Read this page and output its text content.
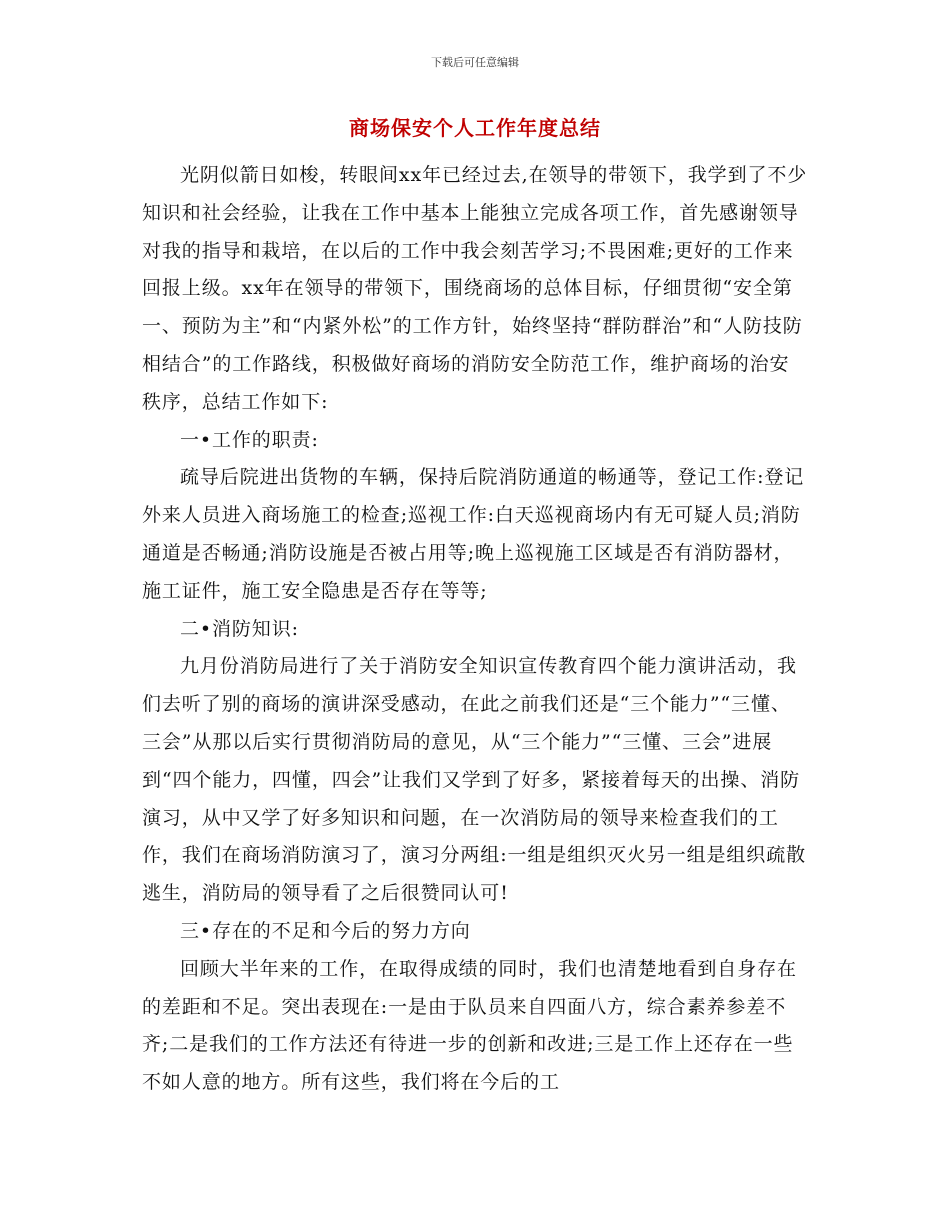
下载后可任意编辑
商场保安个人工作年度总结

光阴似箭日如梭，转眼间xx年已经过去,在领导的带领下，我学到了不少知识和社会经验，让我在工作中基本上能独立完成各项工作，首先感谢领导对我的指导和栽培，在以后的工作中我会刻苦学习;不畏困难;更好的工作来回报上级。xx年在领导的带领下，围绕商场的总体目标，仔细贯彻“安全第一、预防为主”和“内紧外松”的工作方针，始终坚持“群防群治”和“人防技防相结合”的工作路线，积极做好商场的消防安全防范工作，维护商场的治安秩序，总结工作如下:

一•工作的职责:

疏导后院进出货物的车辆，保持后院消防通道的畅通等，登记工作:登记外来人员进入商场施工的检查;巡视工作:白天巡视商场内有无可疑人员;消防通道是否畅通;消防设施是否被占用等;晚上巡视施工区域是否有消防器材，施工证件，施工安全隐患是否存在等等;

二•消防知识:

九月份消防局进行了关于消防安全知识宣传教育四个能力演讲活动，我们去听了别的商场的演讲深受感动，在此之前我们还是“三个能力”“三懂、三会”从那以后实行贯彻消防局的意见，从“三个能力”“三懂、三会”进展到“四个能力，四懂，四会”让我们又学到了好多，紧接着每天的出操、消防演习，从中又学了好多知识和问题，在一次消防局的领导来检查我们的工作，我们在商场消防演习了，演习分两组:一组是组织灭火另一组是组织疏散逃生，消防局的领导看了之后很赞同认可!

三•存在的不足和今后的努力方向

回顾大半年来的工作，在取得成绩的同时，我们也清楚地看到自身存在的差距和不足。突出表现在:一是由于队员来自四面八方，综合素养参差不齐;二是我们的工作方法还有待进一步的创新和改进;三是工作上还存在一些不如人意的地方。所有这些，我们将在今后的工
